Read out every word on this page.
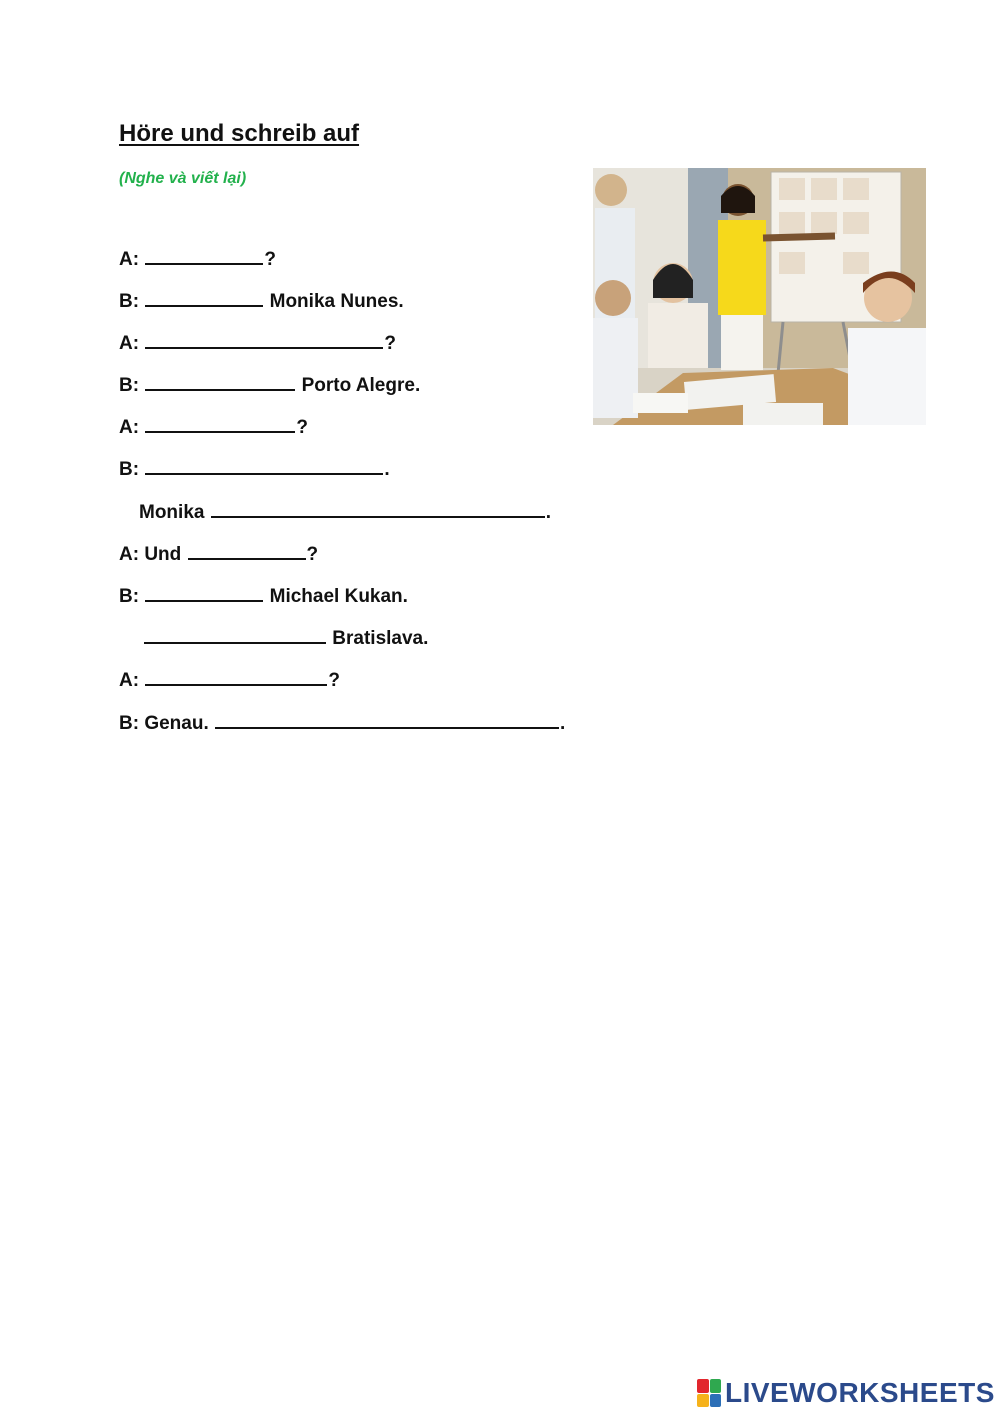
Höre und schreib auf
(Nghe và viết lại)
A:	?
B:	Monika Nunes.
A:	?
B:	Porto Alegre.
A:	?
B:	.
Monika	.
A: Und	?
B:	Michael Kukan.
Bratislava.
A:	?
B: Genau.	.
LIVEWORKSHEETS
